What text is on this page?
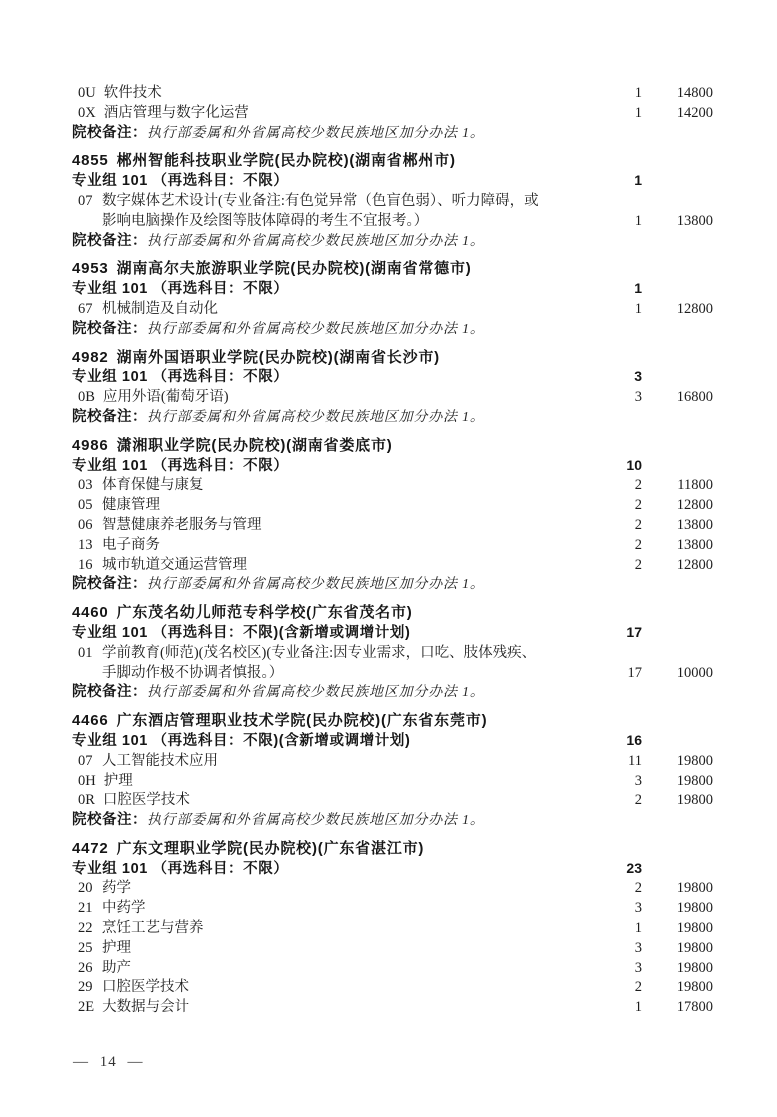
0U 软件技术	1	14800
0X 酒店管理与数字化运营	1	14200
院校备注：执行部委属和外省属高校少数民族地区加分办法 1。
4855 郴州智能科技职业学院(民办院校)(湖南省郴州市)
专业组 101 （再选科目：不限）	1
07 数字媒体艺术设计(专业备注:有色觉异常（色盲色弱）、听力障碍，或
影响电脑操作及绘图等肢体障碍的考生不宜报考。）	1	13800
院校备注：执行部委属和外省属高校少数民族地区加分办法 1。
4953 湖南高尔夫旅游职业学院(民办院校)(湖南省常德市)
专业组 101 （再选科目：不限）	1
67 机械制造及自动化	1	12800
院校备注：执行部委属和外省属高校少数民族地区加分办法 1。
4982 湖南外国语职业学院(民办院校)(湖南省长沙市)
专业组 101 （再选科目：不限）	3
0B 应用外语(葡萄牙语)	3	16800
院校备注：执行部委属和外省属高校少数民族地区加分办法 1。
4986 潇湘职业学院(民办院校)(湖南省娄底市)
专业组 101 （再选科目：不限）	10
03 体育保健与康复	2	11800
05 健康管理	2	12800
06 智慧健康养老服务与管理	2	13800
13 电子商务	2	13800
16 城市轨道交通运营管理	2	12800
院校备注：执行部委属和外省属高校少数民族地区加分办法 1。
4460 广东茂名幼儿师范专科学校(广东省茂名市)
专业组 101 （再选科目：不限)(含新增或调增计划)	17
01 学前教育(师范)(茂名校区)(专业备注:因专业需求，口吃、肢体残疾、
手脚动作极不协调者慎报。）	17	10000
院校备注：执行部委属和外省属高校少数民族地区加分办法 1。
4466 广东酒店管理职业技术学院(民办院校)(广东省东莞市)
专业组 101 （再选科目：不限)(含新增或调增计划)	16
07 人工智能技术应用	11	19800
0H 护理	3	19800
0R 口腔医学技术	2	19800
院校备注：执行部委属和外省属高校少数民族地区加分办法 1。
4472 广东文理职业学院(民办院校)(广东省湛江市)
专业组 101 （再选科目：不限）	23
20 药学	2	19800
21 中药学	3	19800
22 烹饪工艺与营养	1	19800
25 护理	3	19800
26 助产	3	19800
29 口腔医学技术	2	19800
2E 大数据与会计	1	17800
— 14 —
